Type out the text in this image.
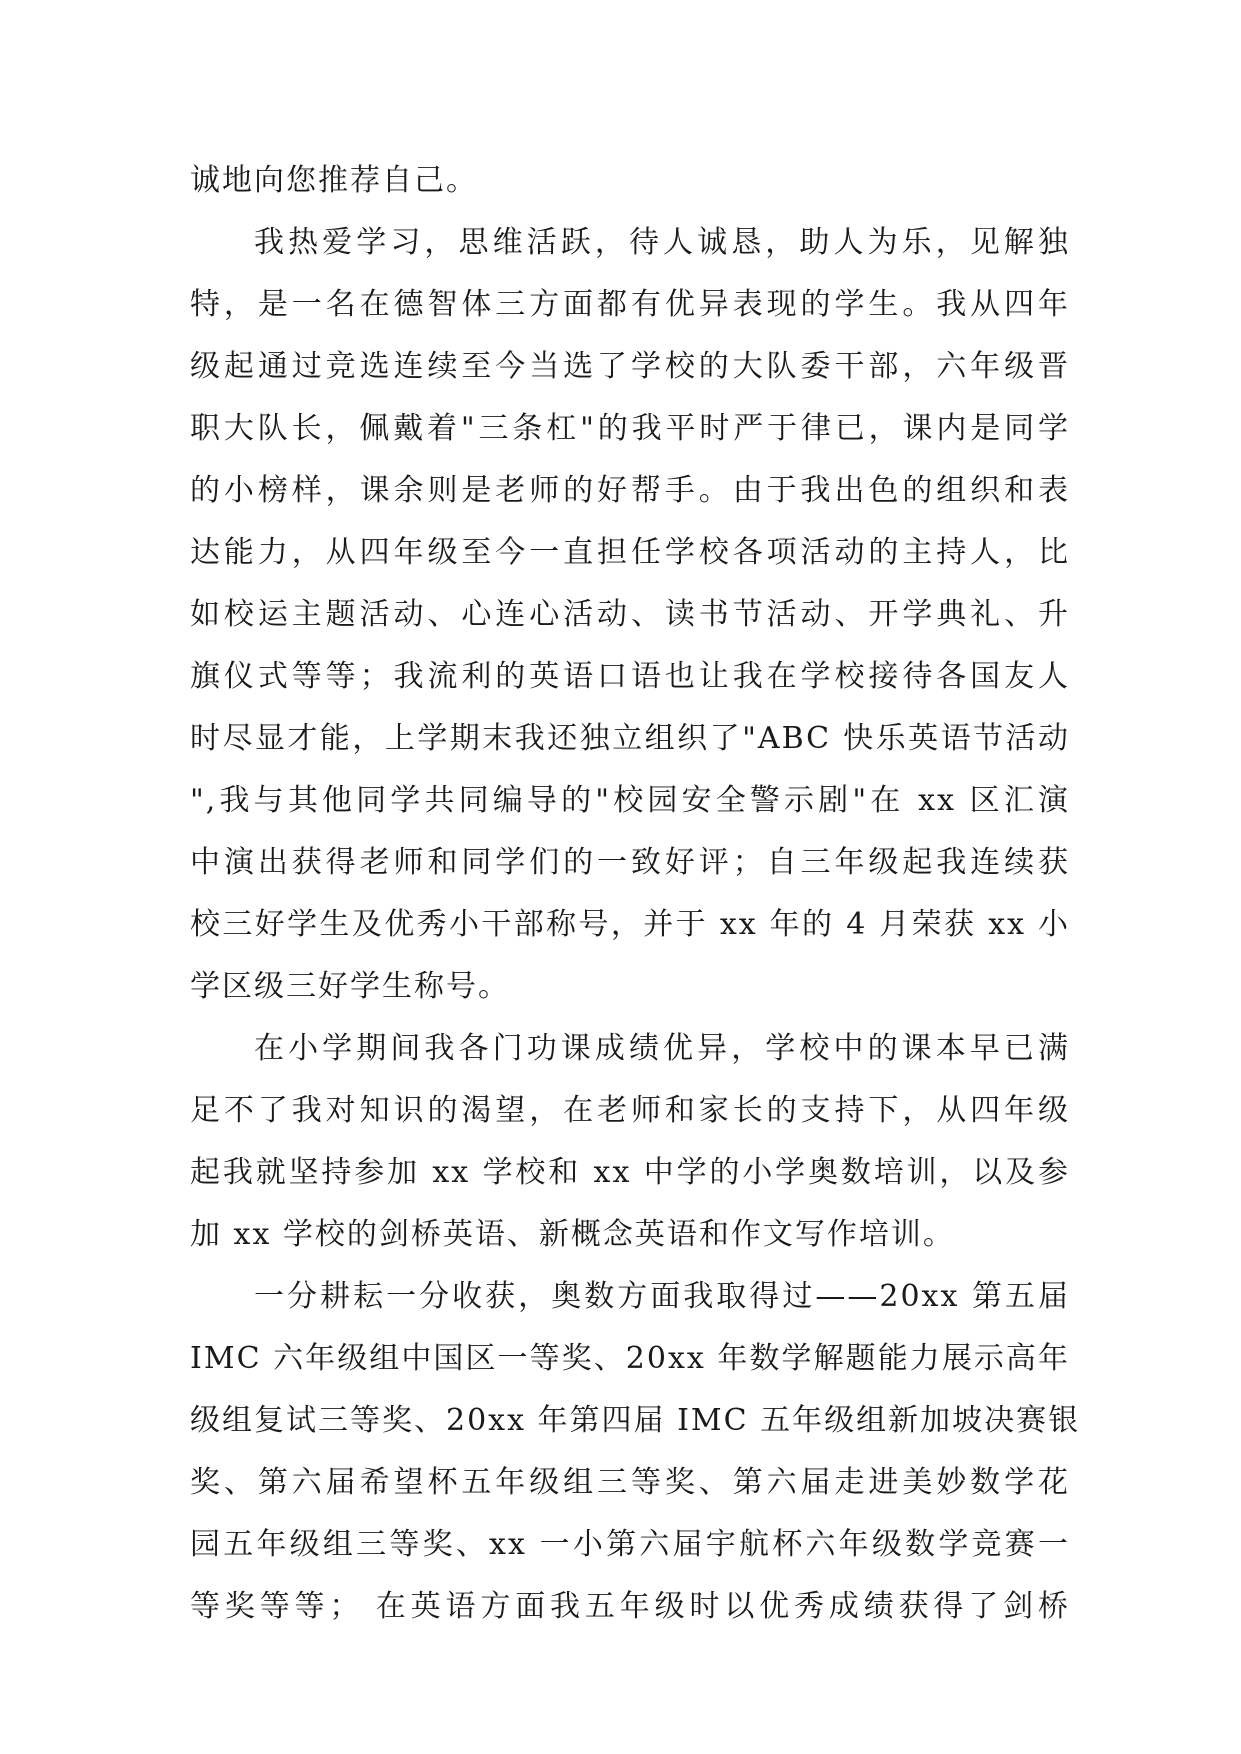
诚地向您推荐自己。
我热爱学习，思维活跃，待人诚恳，助人为乐，见解独
特，是一名在德智体三方面都有优异表现的学生。我从四年
级起通过竞选连续至今当选了学校的大队委干部，六年级晋
职大队长，佩戴着"三条杠"的我平时严于律已，课内是同学
的小榜样，课余则是老师的好帮手。由于我出色的组织和表
达能力，从四年级至今一直担任学校各项活动的主持人，比
如校运主题活动、心连心活动、读书节活动、开学典礼、升
旗仪式等等；我流利的英语口语也让我在学校接待各国友人
时尽显才能，上学期末我还独立组织了"ABC 快乐英语节活动
",我与其他同学共同编导的"校园安全警示剧"在 xx 区汇演
中演出获得老师和同学们的一致好评；自三年级起我连续获
校三好学生及优秀小干部称号，并于 xx 年的 4 月荣获 xx 小
学区级三好学生称号。
在小学期间我各门功课成绩优异，学校中的课本早已满
足不了我对知识的渴望，在老师和家长的支持下，从四年级
起我就坚持参加 xx 学校和 xx 中学的小学奥数培训，以及参
加 xx 学校的剑桥英语、新概念英语和作文写作培训。
一分耕耘一分收获，奥数方面我取得过——20xx 第五届
IMC 六年级组中国区一等奖、20xx 年数学解题能力展示高年
级组复试三等奖、20xx 年第四届 IMC 五年级组新加坡决赛银
奖、第六届希望杯五年级组三等奖、第六届走进美妙数学花
园五年级组三等奖、xx 一小第六届宇航杯六年级数学竞赛一
等奖等等； 在英语方面我五年级时以优秀成绩获得了剑桥
